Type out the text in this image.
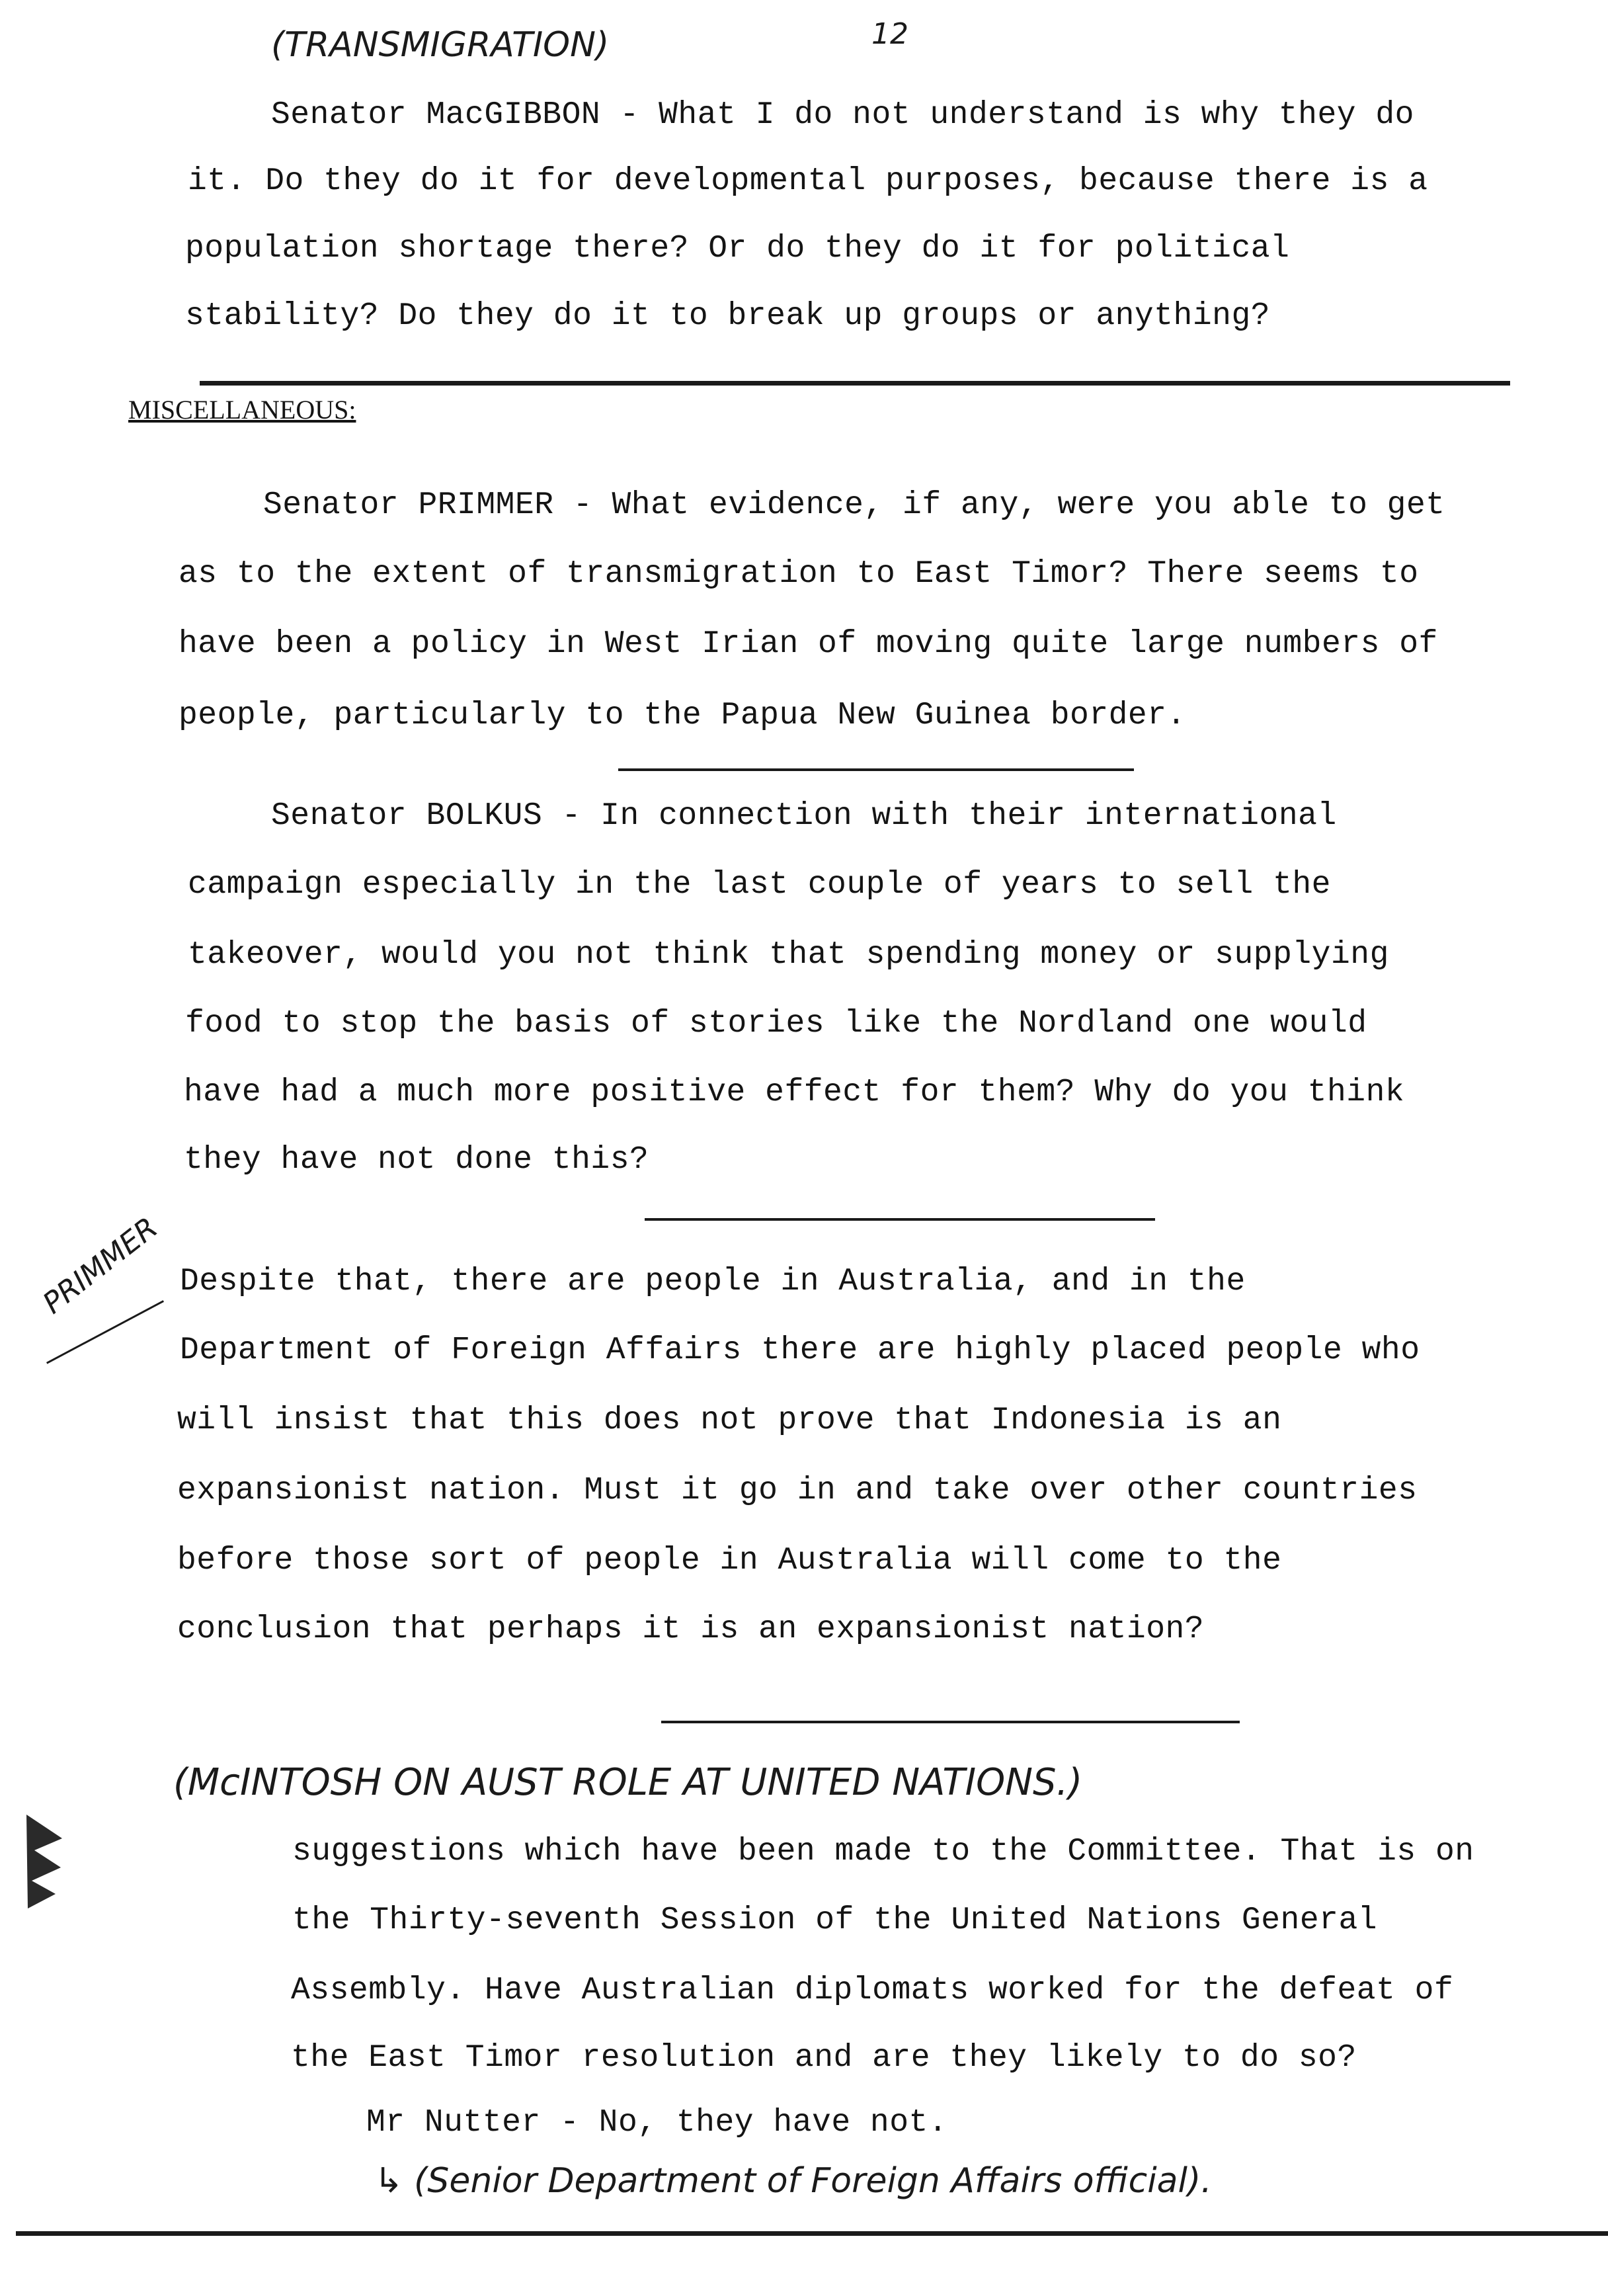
12
(TRANSMIGRATION)
Senator MacGIBBON - What I do not understand is why they do
it. Do they do it for developmental purposes, because there is a
population shortage there? Or do they do it for political
stability? Do they do it to break up groups or anything?
MISCELLANEOUS:
Senator PRIMMER - What evidence, if any, were you able to get
as to the extent of transmigration to East Timor? There seems to
have been a policy in West Irian of moving quite large numbers of
people, particularly to the Papua New Guinea border.
Senator BOLKUS - In connection with their international
campaign especially in the last couple of years to sell the
takeover, would you not think that spending money or supplying
food to stop the basis of stories like the Nordland one would
have had a much more positive effect for them? Why do you think
they have not done this?
PRIMMER Despite that, there are people in Australia, and in the
Department of Foreign Affairs there are highly placed people who
will insist that this does not prove that Indonesia is an
expansionist nation. Must it go in and take over other countries
before those sort of people in Australia will come to the
conclusion that perhaps it is an expansionist nation?
(McINTOSH ON AUST ROLE AT UNITED NATIONS.)
suggestions which have been made to the Committee. That is on
the Thirty-seventh Session of the United Nations General
Assembly. Have Australian diplomats worked for the defeat of
the East Timor resolution and are they likely to do so?
Mr Nutter - No, they have not.
↳ (Senior Department of Foreign Affairs official).
